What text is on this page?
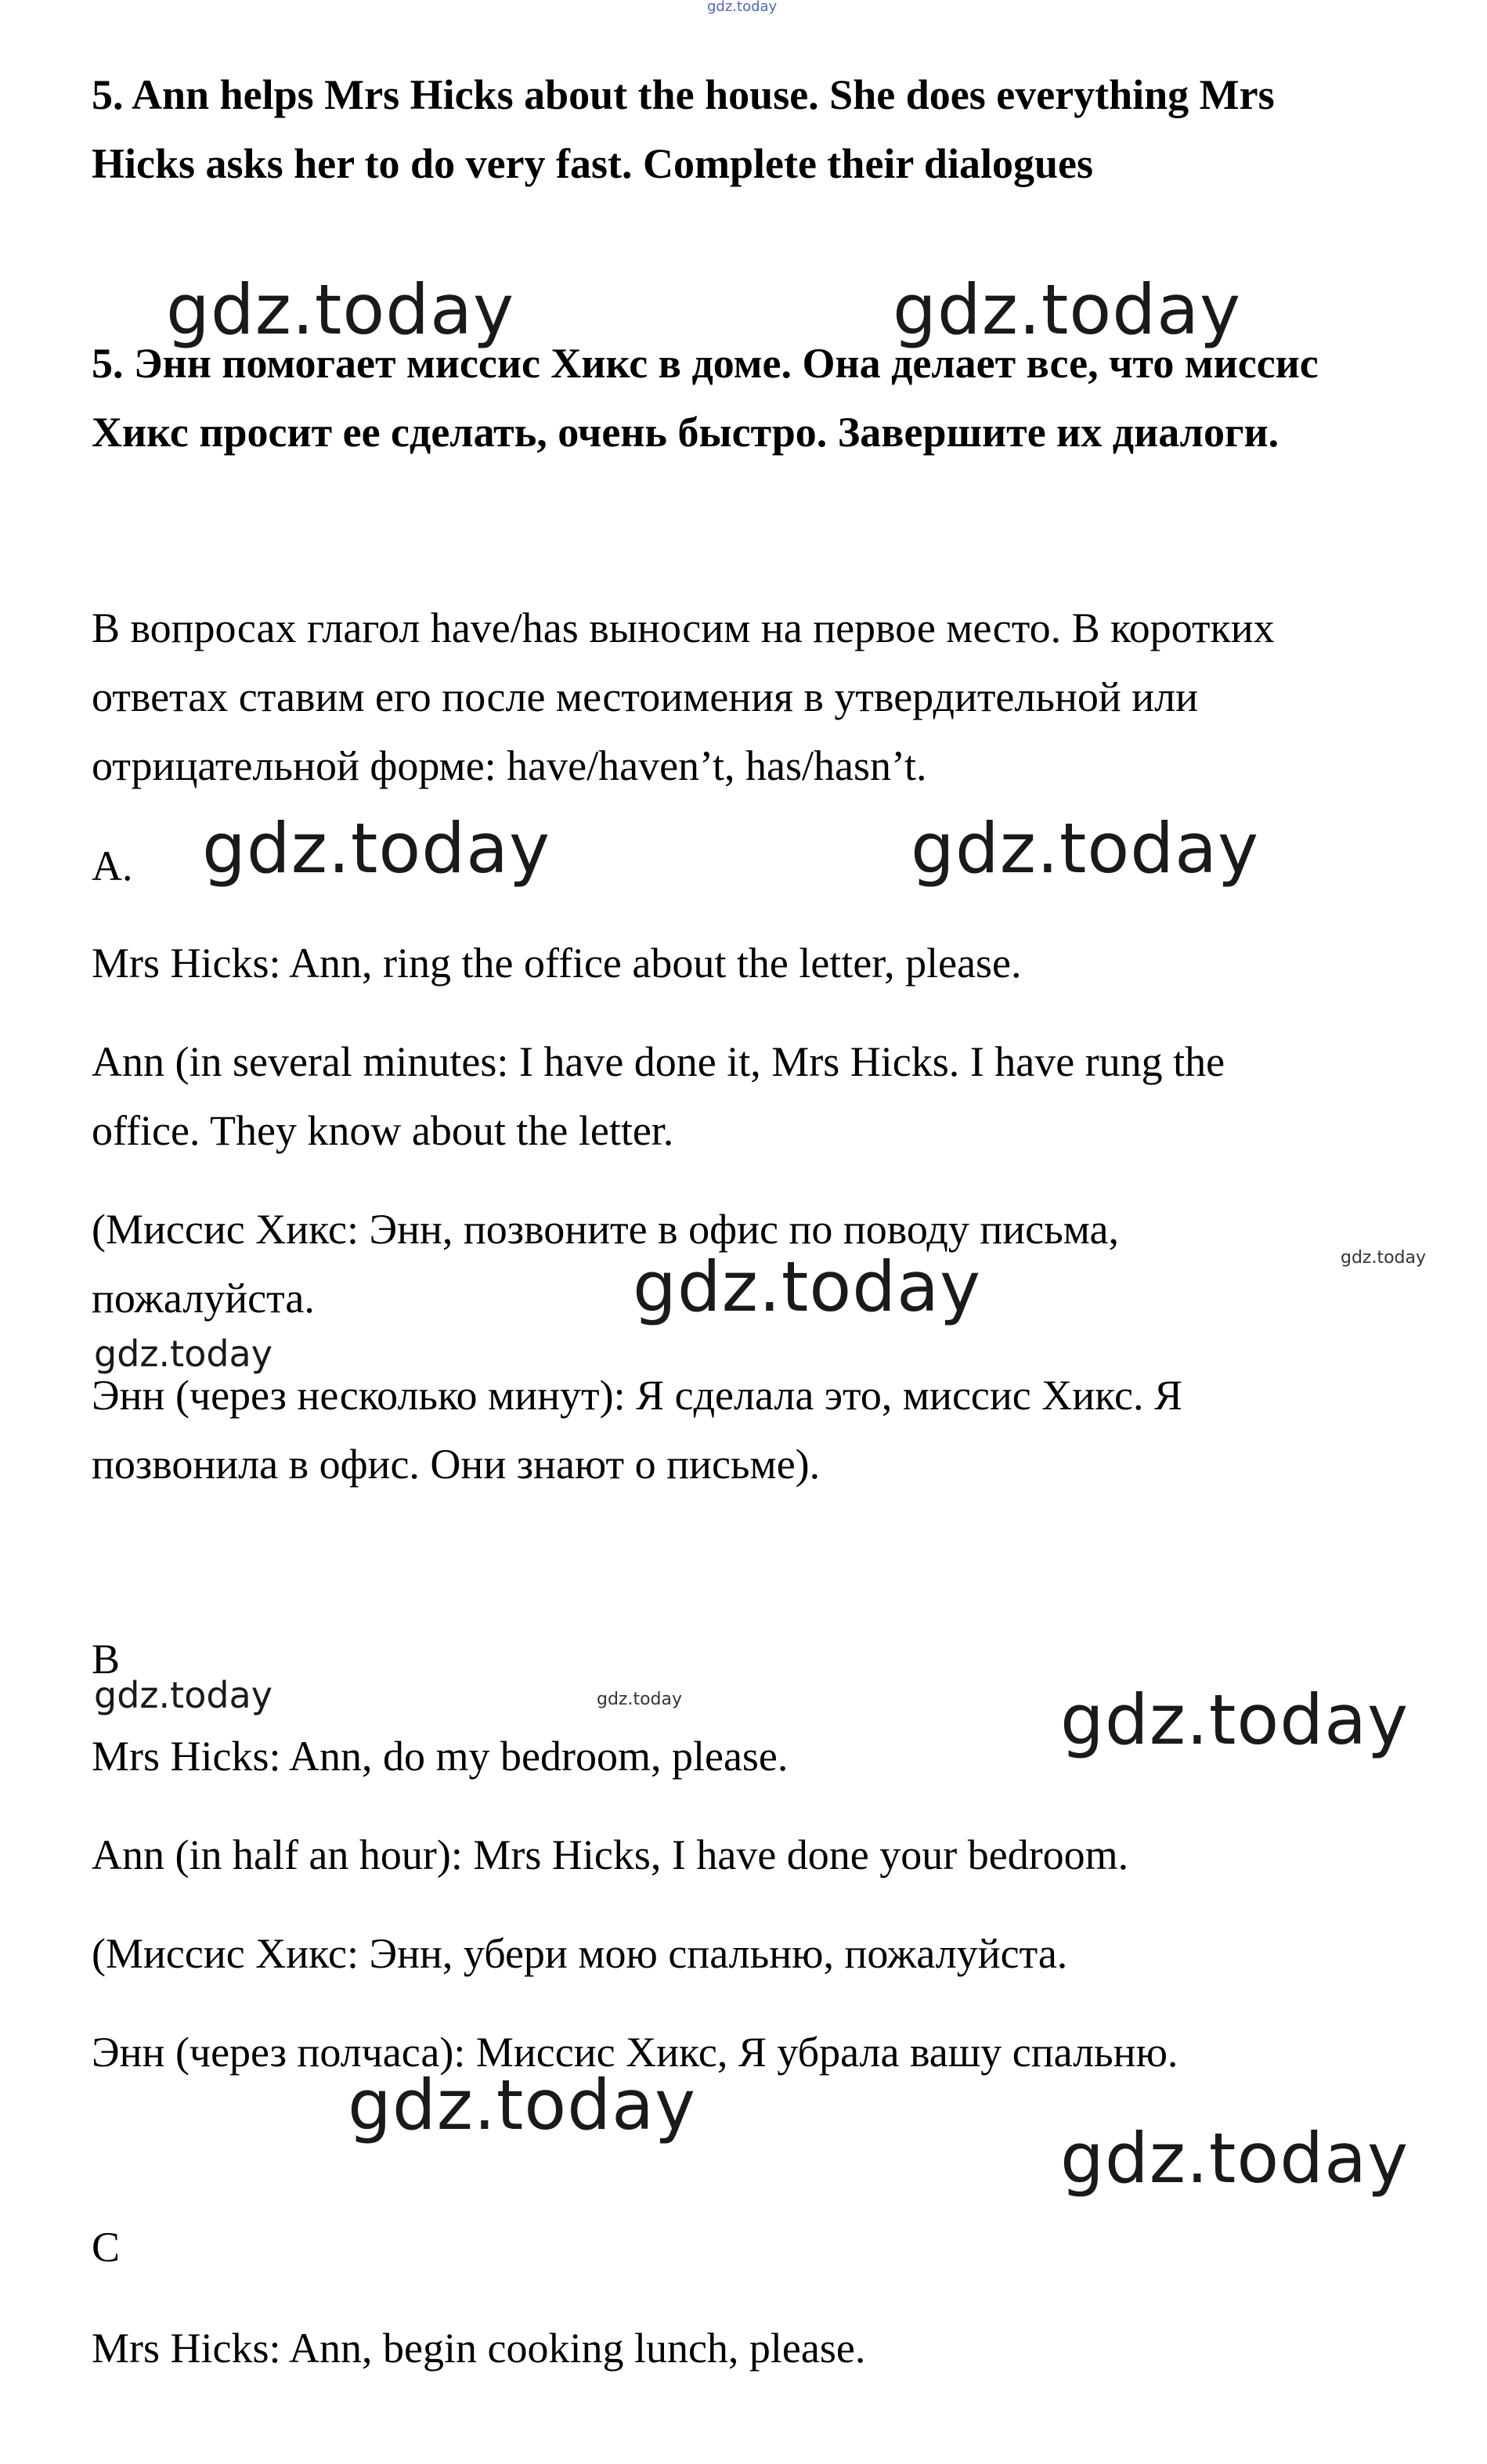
gdz.today

5. Ann helps Mrs Hicks about the house. She does everything Mrs

Hicks asks her to do very fast. Complete their dialogues

gdz.today	gdz.today

5. Энн помогает миссис Хикс в доме. Она делает все, что миссис

Хикс просит ее сделать, очень быстро. Завершите их диалоги.

В вопросах глагол have/has выносим на первое место. В коротких

ответах ставим его после местоимения в утвердительной или

отрицательной форме: have/haven’t, has/hasn’t.

A.	gdz.today	gdz.today

Mrs Hicks: Ann, ring the office about the letter, please.

Ann (in several minutes: I have done it, Mrs Hicks. I have rung the

office. They know about the letter.

(Миссис Хикс: Энн, позвоните в офис по поводу письма,

gdz.today

пожалуйста.	gdz.today
gdz.today

Энн (через несколько минут): Я сделала это, миссис Хикс. Я

позвонила в офис. Они знают о письме).

B

gdz.today	gdz.today	gdz.today

Mrs Hicks: Ann, do my bedroom, please.

Ann (in half an hour): Mrs Hicks, I have done your bedroom.

(Миссис Хикс: Энн, убери мою спальню, пожалуйста.

Энн (через полчаса): Миссис Хикс, Я убрала вашу спальню.

gdz.today
gdz.today

C

Mrs Hicks: Ann, begin cooking lunch, please.
